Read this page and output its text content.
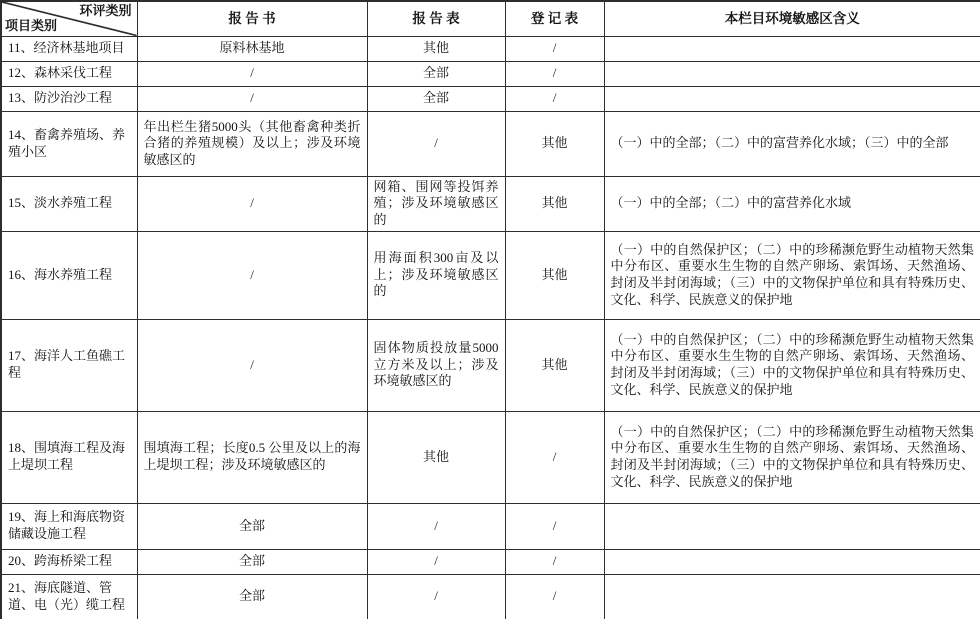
环评类别
项目类别	报 告 书	报 告 表	登 记 表	本栏目环境敏感区含义
11、经济林基地项目	原料林基地	其他	/	
12、森林采伐工程	/	全部	/	
13、防沙治沙工程	/	全部	/	
14、畜禽养殖场、养殖小区	年出栏生猪5000头（其他畜禽种类折合猪的养殖规模）及以上；涉及环境敏感区的	/	其他	（一）中的全部；（二）中的富营养化水域；（三）中的全部
15、淡水养殖工程	/	网箱、围网等投饵养殖；涉及环境敏感区的	其他	（一）中的全部；（二）中的富营养化水域
16、海水养殖工程	/	用海面积300亩及以上；涉及环境敏感区的	其他	（一）中的自然保护区；（二）中的珍稀濒危野生动植物天然集中分布区、重要水生生物的自然产卵场、索饵场、天然渔场、封闭及半封闭海域；（三）中的文物保护单位和具有特殊历史、文化、科学、民族意义的保护地
17、海洋人工鱼礁工程	/	固体物质投放量5000 立方米及以上；涉及环境敏感区的	其他	（一）中的自然保护区；（二）中的珍稀濒危野生动植物天然集中分布区、重要水生生物的自然产卵场、索饵场、天然渔场、封闭及半封闭海域；（三）中的文物保护单位和具有特殊历史、文化、科学、民族意义的保护地
18、围填海工程及海上堤坝工程	围填海工程；长度0.5 公里及以上的海上堤坝工程；涉及环境敏感区的	其他	/	（一）中的自然保护区；（二）中的珍稀濒危野生动植物天然集中分布区、重要水生生物的自然产卵场、索饵场、天然渔场、封闭及半封闭海域；（三）中的文物保护单位和具有特殊历史、文化、科学、民族意义的保护地
19、海上和海底物资储藏设施工程	全部	/	/	
20、跨海桥梁工程	全部	/	/	
21、海底隧道、管道、电（光）缆工程	全部	/	/	
